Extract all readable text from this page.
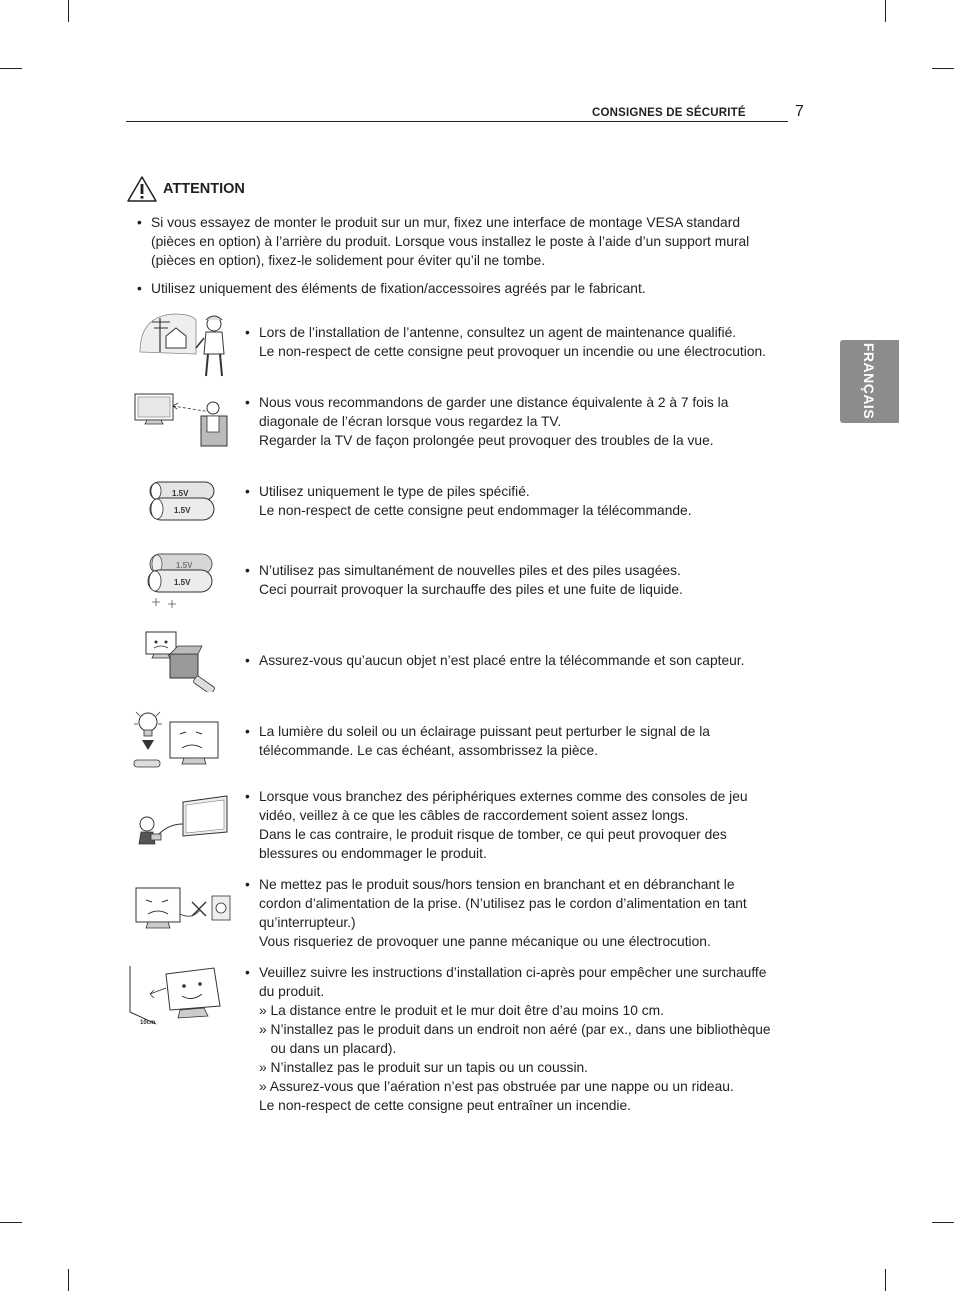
CONSIGNES DE SÉCURITÉ	7
FRANÇAIS
ATTENTION
• Si vous essayez de monter le produit sur un mur, fixez une interface de montage VESA standard
(pièces en option) à l’arrière du produit. Lorsque vous installez le poste à l’aide d’un support mural
(pièces en option), fixez-le solidement pour éviter qu’il ne tombe.
• Utilisez uniquement des éléments de fixation/accessoires agréés par le fabricant.
1.5V
1.5V
1.5V
1.5V
10cm
• Lors de l’installation de l’antenne, consultez un agent de maintenance qualifié.
Le non-respect de cette consigne peut provoquer un incendie ou une électrocution.
• Nous vous recommandons de garder une distance équivalente à 2 à 7 fois la
diagonale de l’écran lorsque vous regardez la TV.
Regarder la TV de façon prolongée peut provoquer des troubles de la vue.
• Utilisez uniquement le type de piles spécifié.
Le non-respect de cette consigne peut endommager la télécommande.
• N’utilisez pas simultanément de nouvelles piles et des piles usagées.
Ceci pourrait provoquer la surchauffe des piles et une fuite de liquide.
• Assurez-vous qu’aucun objet n’est placé entre la télécommande et son capteur.
• La lumière du soleil ou un éclairage puissant peut perturber le signal de la
télécommande. Le cas échéant, assombrissez la pièce.
• Lorsque vous branchez des périphériques externes comme des consoles de jeu
vidéo, veillez à ce que les câbles de raccordement soient assez longs.
Dans le cas contraire, le produit risque de tomber, ce qui peut provoquer des
blessures ou endommager le produit.
• Ne mettez pas le produit sous/hors tension en branchant et en débranchant le
cordon d’alimentation de la prise. (N’utilisez pas le cordon d’alimentation en tant
qu’interrupteur.)
Vous risqueriez de provoquer une panne mécanique ou une électrocution.
• Veuillez suivre les instructions d’installation ci-après pour empêcher une surchauffe
du produit.
» La distance entre le produit et le mur doit être d’au moins 10 cm.
» N’installez pas le produit dans un endroit non aéré (par ex., dans une bibliothèque
ou dans un placard).
» N’installez pas le produit sur un tapis ou un coussin.
» Assurez-vous que l’aération n’est pas obstruée par une nappe ou un rideau.
Le non-respect de cette consigne peut entraîner un incendie.
